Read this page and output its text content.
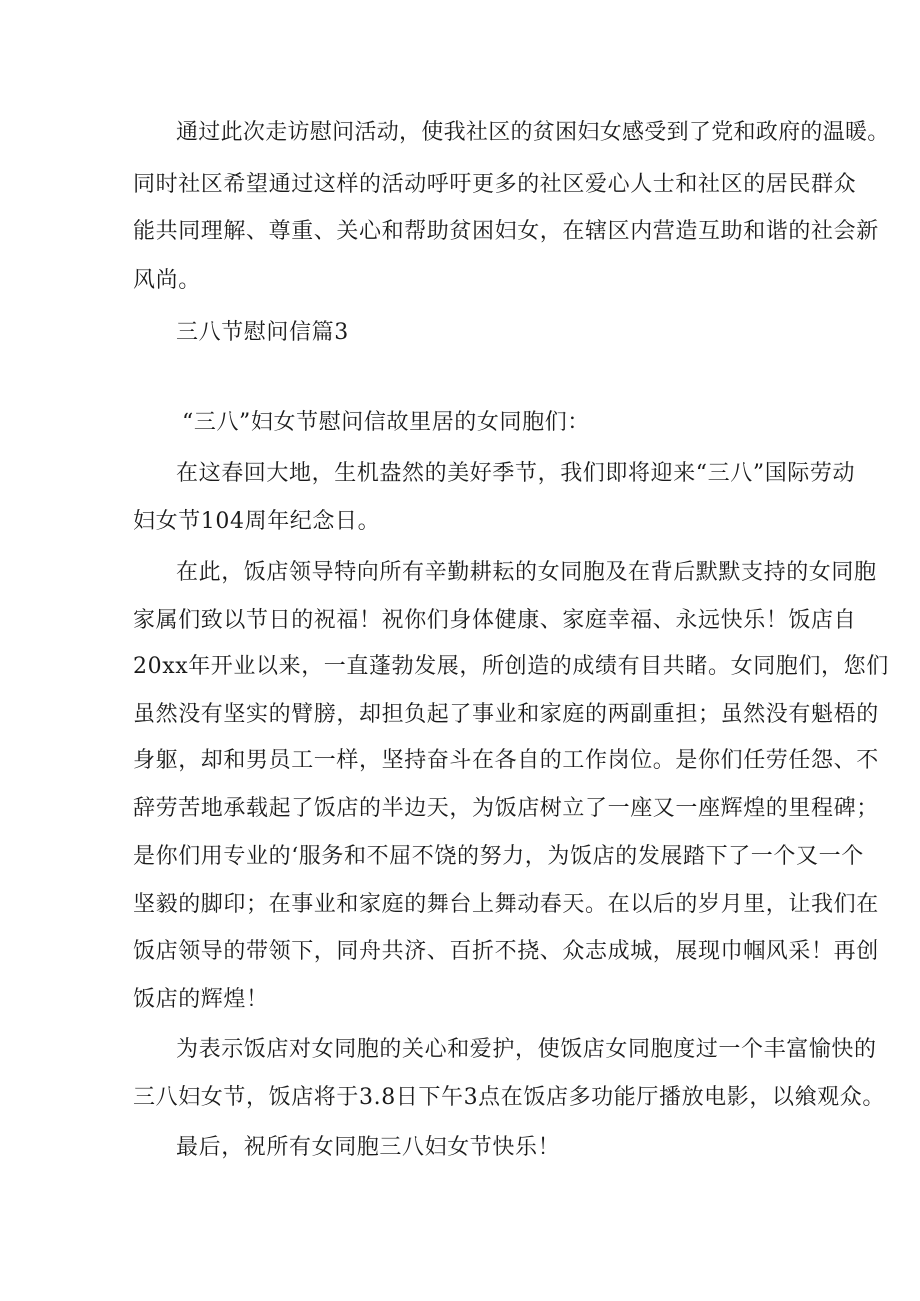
通过此次走访慰问活动，使我社区的贫困妇女感受到了党和政府的温暖。
同时社区希望通过这样的活动呼吁更多的社区爱心人士和社区的居民群众
能共同理解、尊重、关心和帮助贫困妇女，在辖区内营造互助和谐的社会新
风尚。
三八节慰问信篇3
“三八”妇女节慰问信故里居的女同胞们：
在这春回大地，生机盎然的美好季节，我们即将迎来“三八”国际劳动
妇女节104周年纪念日。
在此，饭店领导特向所有辛勤耕耘的女同胞及在背后默默支持的女同胞
家属们致以节日的祝福！祝你们身体健康、家庭幸福、永远快乐！饭店自
20xx年开业以来，一直蓬勃发展，所创造的成绩有目共睹。女同胞们，您们
虽然没有坚实的臂膀，却担负起了事业和家庭的两副重担；虽然没有魁梧的
身躯，却和男员工一样，坚持奋斗在各自的工作岗位。是你们任劳任怨、不
辞劳苦地承载起了饭店的半边天，为饭店树立了一座又一座辉煌的里程碑；
是你们用专业的‘服务和不屈不饶的努力，为饭店的发展踏下了一个又一个
坚毅的脚印；在事业和家庭的舞台上舞动春天。在以后的岁月里，让我们在
饭店领导的带领下，同舟共济、百折不挠、众志成城，展现巾帼风采！再创
饭店的辉煌！
为表示饭店对女同胞的关心和爱护，使饭店女同胞度过一个丰富愉快的
三八妇女节，饭店将于3.8日下午3点在饭店多功能厅播放电影，以飨观众。
最后，祝所有女同胞三八妇女节快乐！
